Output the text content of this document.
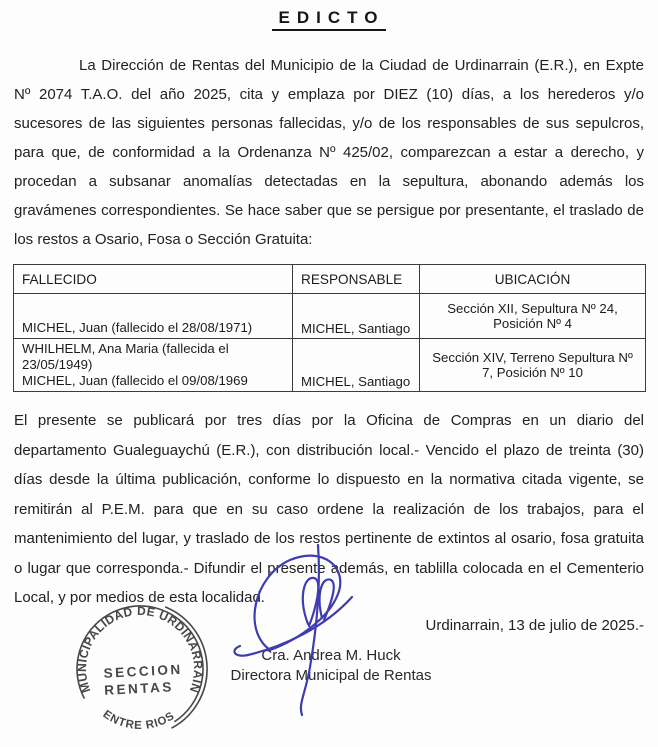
EDICTO

La Dirección de Rentas del Municipio de la Ciudad de Urdinarrain (E.R.), en Expte Nº 2074 T.A.O. del año 2025, cita y emplaza por DIEZ (10) días, a los herederos y/o sucesores de las siguientes personas fallecidas, y/o de los responsables de sus sepulcros, para que, de conformidad a la Ordenanza Nº 425/02, comparezcan a estar a derecho, y procedan a subsanar anomalías detectadas en la sepultura, abonando además los gravámenes correspondientes. Se hace saber que se persigue por presentante, el traslado de los restos a Osario, Fosa o Sección Gratuita:

FALLECIDO	RESPONSABLE	UBICACIÓN

MICHEL, Juan (fallecido el 28/08/1971)	MICHEL, Santiago	Sección XII, Sepultura Nº 24, Posición Nº 4

WHILHELM, Ana Maria (fallecida el 23/05/1949)
MICHEL, Juan (fallecido el 09/08/1969	MICHEL, Santiago	Sección XIV, Terreno Sepultura Nº 7, Posición Nº 10

El presente se publicará por tres días por la Oficina de Compras en un diario del departamento Gualeguaychú (E.R.), con distribución local.- Vencido el plazo de treinta (30) días desde la última publicación, conforme lo dispuesto en la normativa citada vigente, se remitirán al P.E.M. para que en su caso ordene la realización de los trabajos, para el mantenimiento del lugar, y traslado de los restos pertinente de extintos al osario, fosa gratuita o lugar que corresponda.- Difundir el presente además, en tablilla colocada en el Cementerio Local, y por medios de esta localidad.

Urdinarrain, 13 de julio de 2025.-
MUNICIPALIDAD DE URDINARRAIN
ENTRE RIOS
SECCION
RENTAS
Cra. Andrea M. Huck
Directora Municipal de Rentas
